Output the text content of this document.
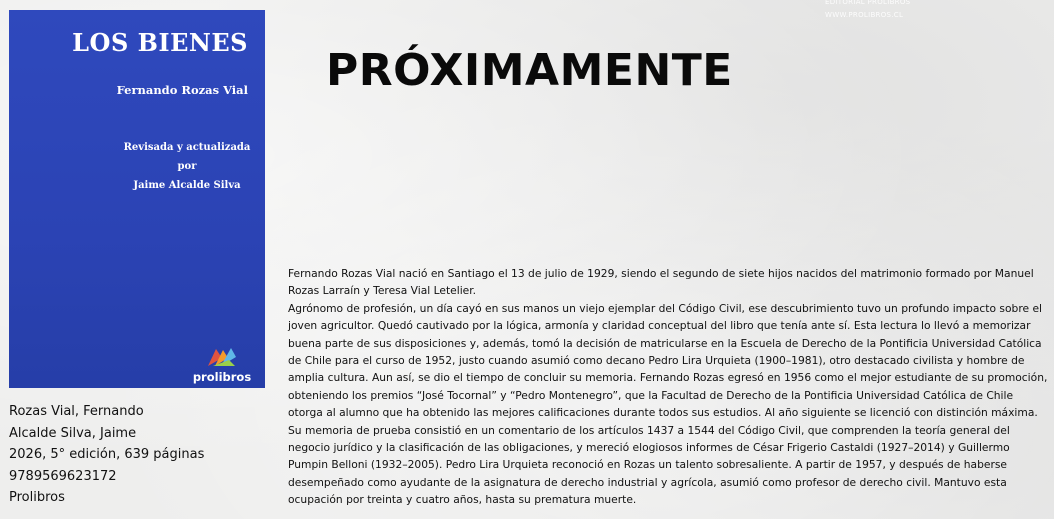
EDITORIAL PROLIBROS
WWW.PROLIBROS.CL
LOS BIENES
Fernando Rozas Vial
Revisada y actualizada por
Jaime Alcalde Silva
prolibros
Rozas Vial, Fernando
Alcalde Silva, Jaime
2026, 5° edición, 639 páginas
9789569623172
Prolibros
PRÓXIMAMENTE

Fernando Rozas Vial nació en Santiago el 13 de julio de 1929, siendo el segundo de siete hijos nacidos del matrimonio formado por Manuel Rozas Larraín y Teresa Vial Letelier.

Agrónomo de profesión, un día cayó en sus manos un viejo ejemplar del Código Civil, ese descubrimiento tuvo un profundo impacto sobre el joven agricultor. Quedó cautivado por la lógica, armonía y claridad conceptual del libro que tenía ante sí. Esta lectura lo llevó a memorizar buena parte de sus disposiciones y, además, tomó la decisión de matricularse en la Escuela de Derecho de la Pontificia Universidad Católica de Chile para el curso de 1952, justo cuando asumió como decano Pedro Lira Urquieta (1900–1981), otro destacado civilista y hombre de amplia cultura. Aun así, se dio el tiempo de concluir su memoria. Fernando Rozas egresó en 1956 como el mejor estudiante de su promoción, obteniendo los premios “José Tocornal” y “Pedro Montenegro”, que la Facultad de Derecho de la Pontificia Universidad Católica de Chile otorga al alumno que ha obtenido las mejores calificaciones durante todos sus estudios. Al año siguiente se licenció con distinción máxima. Su memoria de prueba consistió en un comentario de los artículos 1437 a 1544 del Código Civil, que comprenden la teoría general del negocio jurídico y la clasificación de las obligaciones, y mereció elogiosos informes de César Frigerio Castaldi (1927–2014) y Guillermo Pumpin Belloni (1932–2005). Pedro Lira Urquieta reconoció en Rozas un talento sobresaliente. A partir de 1957, y después de haberse desempeñado como ayudante de la asignatura de derecho industrial y agrícola, asumió como profesor de derecho civil. Mantuvo esta ocupación por treinta y cuatro años, hasta su prematura muerte.
